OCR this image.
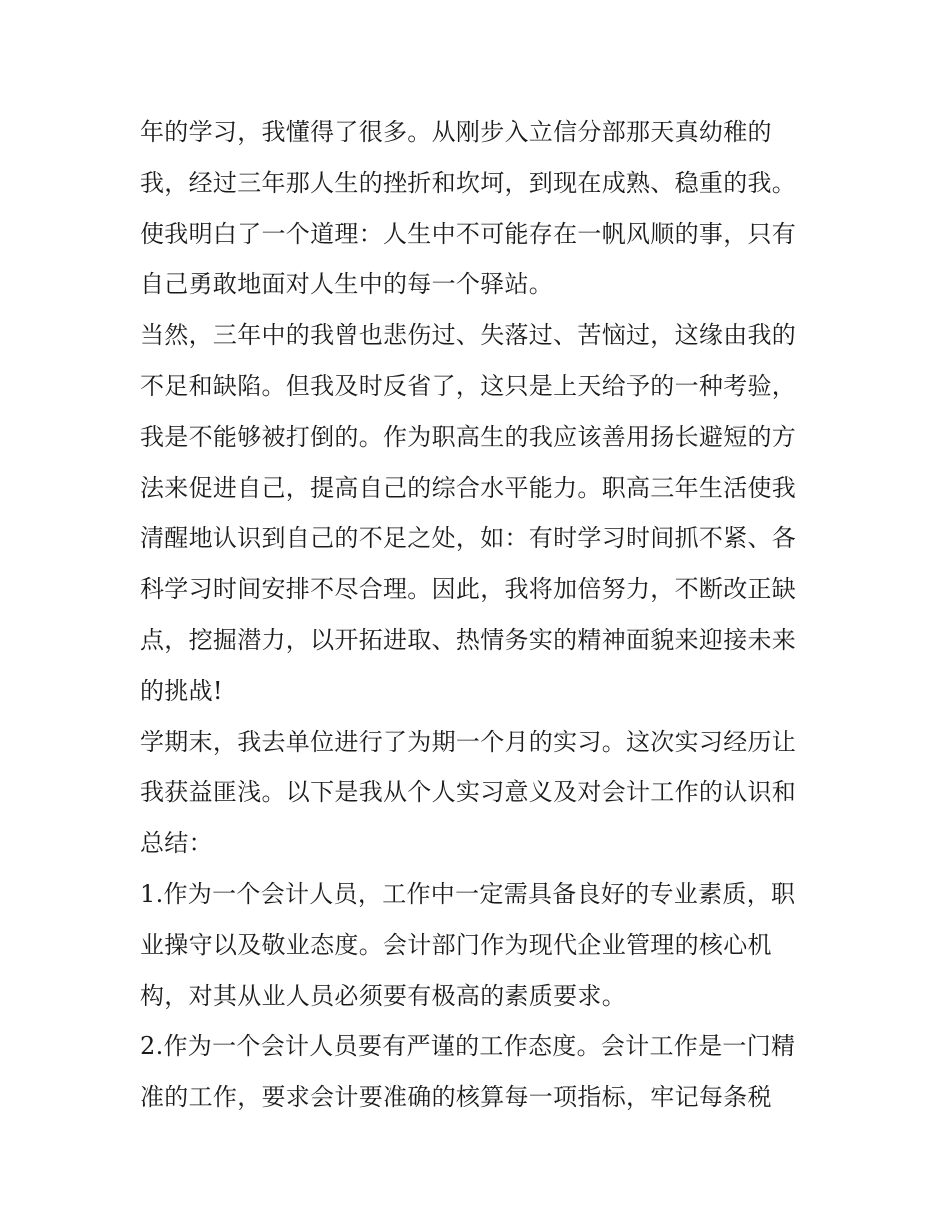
年的学习，我懂得了很多。从刚步入立信分部那天真幼稚的
我，经过三年那人生的挫折和坎坷，到现在成熟、稳重的我。
使我明白了一个道理：人生中不可能存在一帆风顺的事，只有
自己勇敢地面对人生中的每一个驿站。
当然，三年中的我曾也悲伤过、失落过、苦恼过，这缘由我的
不足和缺陷。但我及时反省了，这只是上天给予的一种考验，
我是不能够被打倒的。作为职高生的我应该善用扬长避短的方
法来促进自己，提高自己的综合水平能力。职高三年生活使我
清醒地认识到自己的不足之处，如：有时学习时间抓不紧、各
科学习时间安排不尽合理。因此，我将加倍努力，不断改正缺
点，挖掘潜力，以开拓进取、热情务实的精神面貌来迎接未来
的挑战!
学期末，我去单位进行了为期一个月的实习。这次实习经历让
我获益匪浅。以下是我从个人实习意义及对会计工作的认识和
总结：
1.作为一个会计人员，工作中一定需具备良好的专业素质，职
业操守以及敬业态度。会计部门作为现代企业管理的核心机
构，对其从业人员必须要有极高的素质要求。
2.作为一个会计人员要有严谨的工作态度。会计工作是一门精
准的工作，要求会计要准确的核算每一项指标，牢记每条税
